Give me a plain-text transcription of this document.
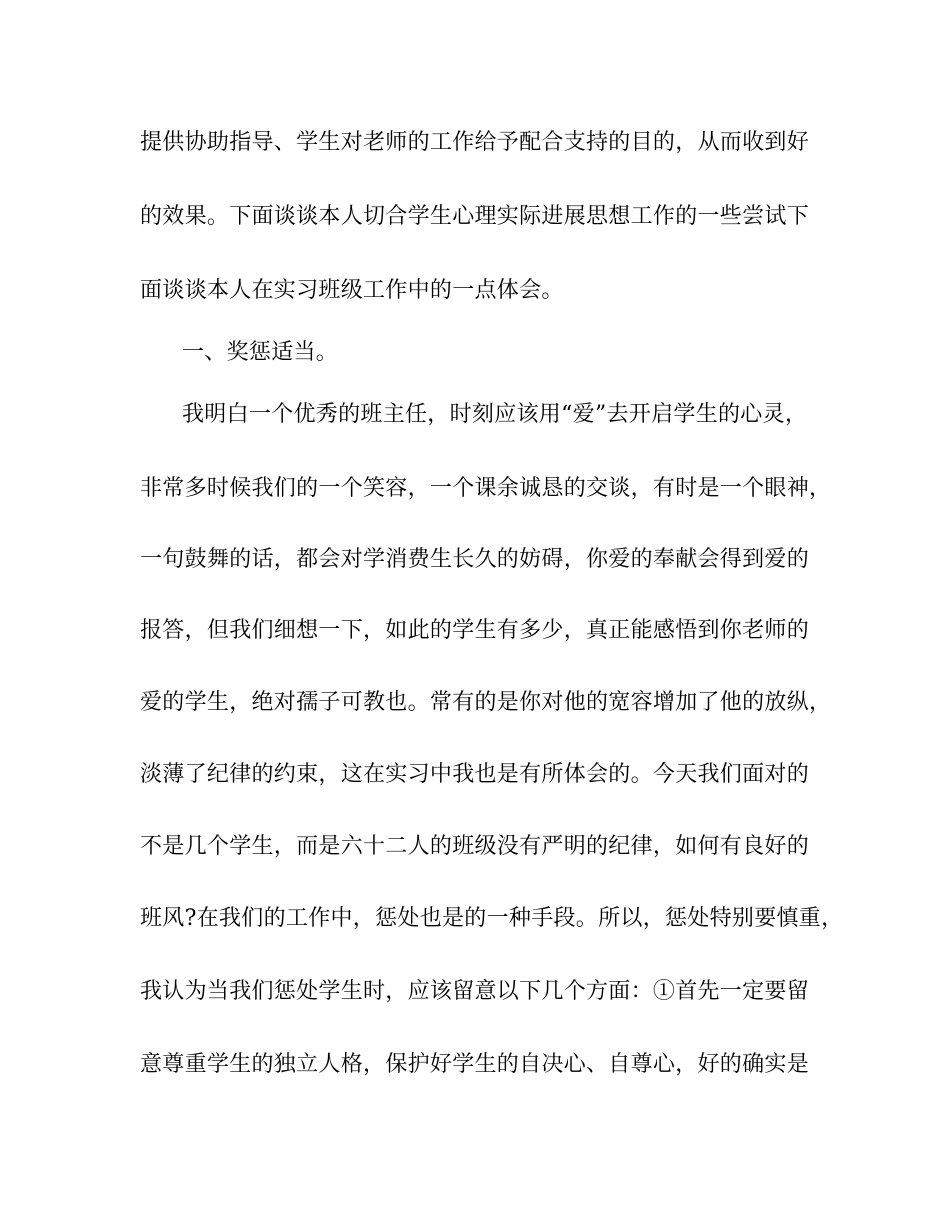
提供协助指导、学生对老师的工作给予配合支持的目的，从而收到好
的效果。下面谈谈本人切合学生心理实际进展思想工作的一些尝试下
面谈谈本人在实习班级工作中的一点体会。
一、奖惩适当。
我明白一个优秀的班主任，时刻应该用“爱”去开启学生的心灵，
非常多时候我们的一个笑容，一个课余诚恳的交谈，有时是一个眼神，
一句鼓舞的话，都会对学消费生长久的妨碍，你爱的奉献会得到爱的
报答，但我们细想一下，如此的学生有多少，真正能感悟到你老师的
爱的学生，绝对孺子可教也。常有的是你对他的宽容增加了他的放纵，
淡薄了纪律的约束，这在实习中我也是有所体会的。今天我们面对的
不是几个学生，而是六十二人的班级没有严明的纪律，如何有良好的
班风?在我们的工作中，惩处也是的一种手段。所以，惩处特别要慎重，
我认为当我们惩处学生时，应该留意以下几个方面：①首先一定要留
意尊重学生的独立人格，保护好学生的自决心、自尊心，好的确实是
